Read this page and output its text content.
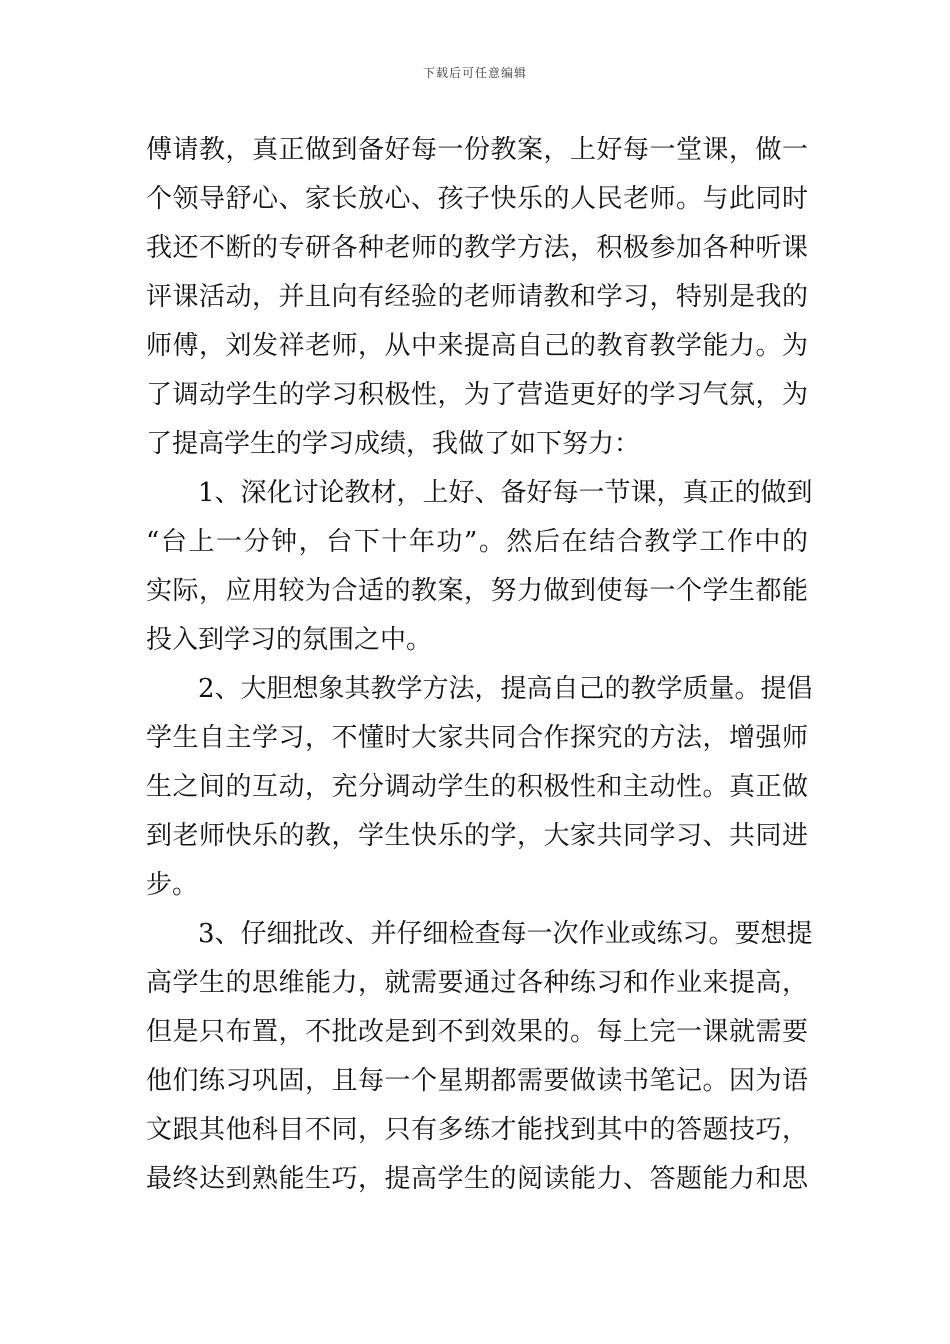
下载后可任意编辑
傅请教，真正做到备好每一份教案，上好每一堂课，做一
个领导舒心、家长放心、孩子快乐的人民老师。与此同时
我还不断的专研各种老师的教学方法，积极参加各种听课
评课活动，并且向有经验的老师请教和学习，特别是我的
师傅，刘发祥老师，从中来提高自己的教育教学能力。为
了调动学生的学习积极性，为了营造更好的学习气氛，为
了提高学生的学习成绩，我做了如下努力：
1、深化讨论教材，上好、备好每一节课，真正的做到
“台上一分钟，台下十年功”。然后在结合教学工作中的
实际，应用较为合适的教案，努力做到使每一个学生都能
投入到学习的氛围之中。
2、大胆想象其教学方法，提高自己的教学质量。提倡
学生自主学习，不懂时大家共同合作探究的方法，增强师
生之间的互动，充分调动学生的积极性和主动性。真正做
到老师快乐的教，学生快乐的学，大家共同学习、共同进
步。
3、仔细批改、并仔细检查每一次作业或练习。要想提
高学生的思维能力，就需要通过各种练习和作业来提高，
但是只布置，不批改是到不到效果的。每上完一课就需要
他们练习巩固，且每一个星期都需要做读书笔记。因为语
文跟其他科目不同，只有多练才能找到其中的答题技巧，
最终达到熟能生巧，提高学生的阅读能力、答题能力和思
